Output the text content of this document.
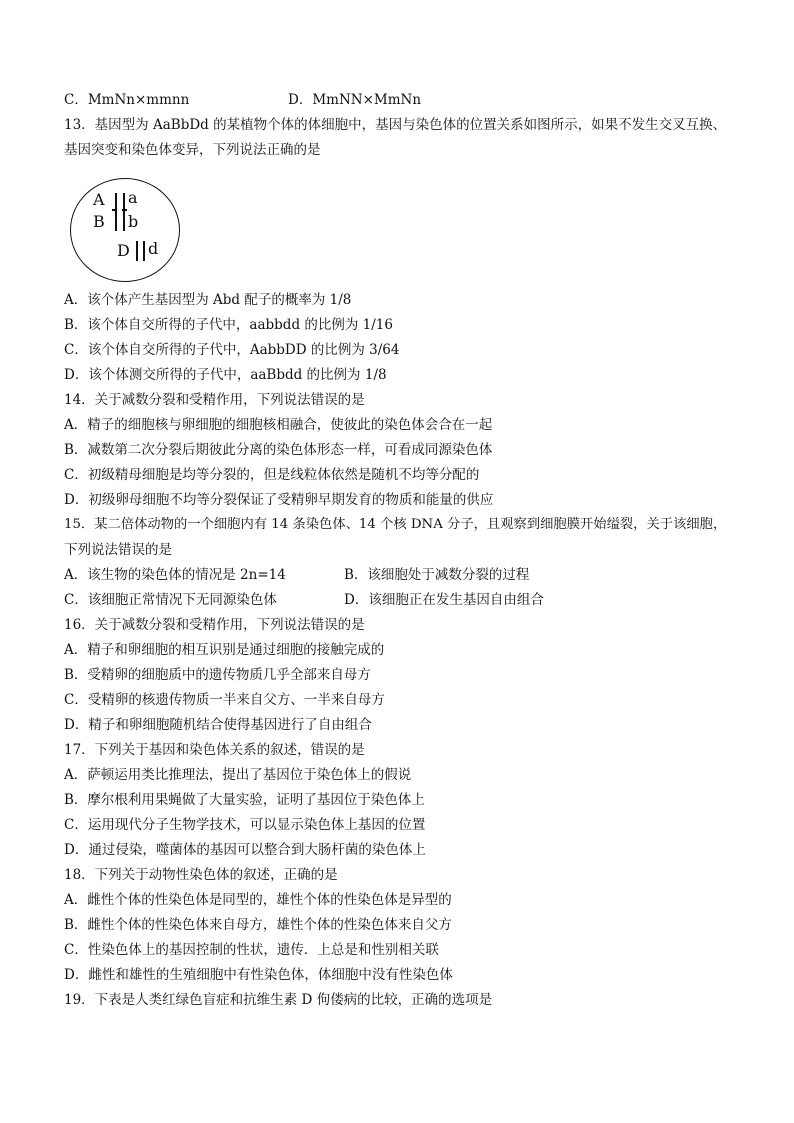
C．MmNn×mmnn	D．MmNN×MmNn
13．基因型为 AaBbDd 的某植物个体的体细胞中，基因与染色体的位置关系如图所示，如果不发生交叉互换、
基因突变和染色体变异，下列说法正确的是
A
B
a
b
D d
A．该个体产生基因型为 Abd 配子的概率为 1/8
B．该个体自交所得的子代中，aabbdd 的比例为 1/16
C．该个体自交所得的子代中，AabbDD 的比例为 3/64
D．该个体测交所得的子代中，aaBbdd 的比例为 1/8
14．关于减数分裂和受精作用，下列说法错误的是
A．精子的细胞核与卵细胞的细胞核相融合，使彼此的染色体会合在一起
B．减数第二次分裂后期彼此分离的染色体形态一样，可看成同源染色体
C．初级精母细胞是均等分裂的，但是线粒体依然是随机不均等分配的
D．初级卵母细胞不均等分裂保证了受精卵早期发育的物质和能量的供应
15．某二倍体动物的一个细胞内有 14 条染色体、14 个核 DNA 分子，且观察到细胞膜开始缢裂，关于该细胞，
下列说法错误的是
A．该生物的染色体的情况是 2n=14	B．该细胞处于减数分裂的过程
C．该细胞正常情况下无同源染色体	D．该细胞正在发生基因自由组合
16．关于减数分裂和受精作用，下列说法错误的是
A．精子和卵细胞的相互识别是通过细胞的接触完成的
B．受精卵的细胞质中的遗传物质几乎全部来自母方
C．受精卵的核遗传物质一半来自父方、一半来自母方
D．精子和卵细胞随机结合使得基因进行了自由组合
17．下列关于基因和染色体关系的叙述，错误的是
A．萨顿运用类比推理法，提出了基因位于染色体上的假说
B．摩尔根利用果蝇做了大量实验，证明了基因位于染色体上
C．运用现代分子生物学技术，可以显示染色体上基因的位置
D．通过侵染，噬菌体的基因可以整合到大肠杆菌的染色体上
18．下列关于动物性染色体的叙述，正确的是
A．雌性个体的性染色体是同型的，雄性个体的性染色体是异型的
B．雌性个体的性染色体来自母方，雄性个体的性染色体来自父方
C．性染色体上的基因控制的性状，遗传．上总是和性别相关联
D．雌性和雄性的生殖细胞中有性染色体，体细胞中没有性染色体
19．下表是人类红绿色盲症和抗维生素 D 佝偻病的比较，正确的选项是
